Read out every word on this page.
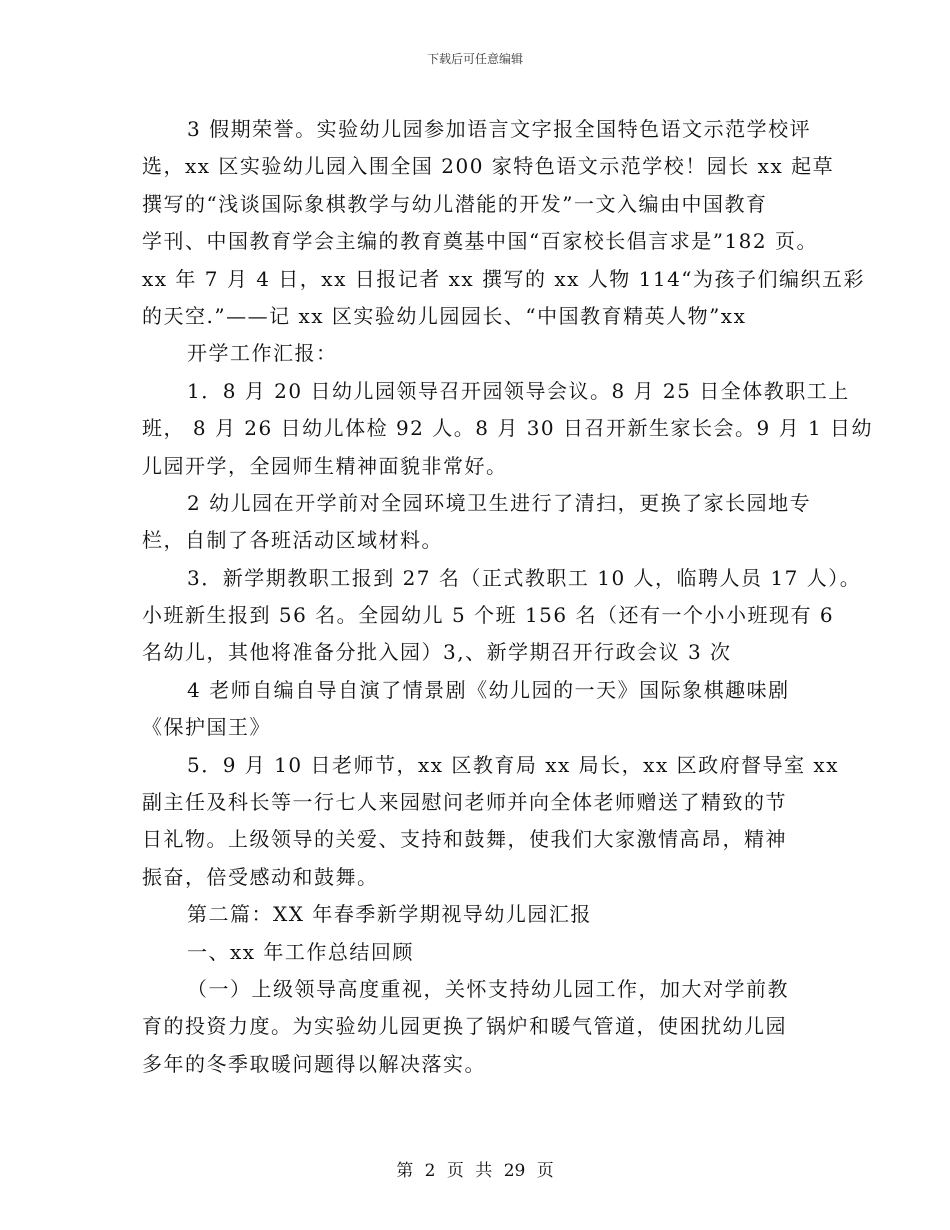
下载后可任意编辑
3 假期荣誉。实验幼儿园参加语言文字报全国特色语文示范学校评
选，xx 区实验幼儿园入围全国 200 家特色语文示范学校！园长 xx 起草
撰写的“浅谈国际象棋教学与幼儿潜能的开发”一文入编由中国教育
学刊、中国教育学会主编的教育奠基中国“百家校长倡言求是”182 页。
xx 年 7 月 4 日，xx 日报记者 xx 撰写的 xx 人物 114“为孩子们编织五彩
的天空.”——记 xx 区实验幼儿园园长、“中国教育精英人物”xx
开学工作汇报：
1．8 月 20 日幼儿园领导召开园领导会议。8 月 25 日全体教职工上
班， 8 月 26 日幼儿体检 92 人。8 月 30 日召开新生家长会。9 月 1 日幼
儿园开学，全园师生精神面貌非常好。
2 幼儿园在开学前对全园环境卫生进行了清扫，更换了家长园地专
栏，自制了各班活动区域材料。
3．新学期教职工报到 27 名（正式教职工 10 人，临聘人员 17 人）。
小班新生报到 56 名。全园幼儿 5 个班 156 名（还有一个小小班现有 6
名幼儿，其他将准备分批入园）3,、新学期召开行政会议 3 次
4 老师自编自导自演了情景剧《幼儿园的一天》国际象棋趣味剧
《保护国王》
5．9 月 10 日老师节，xx 区教育局 xx 局长，xx 区政府督导室 xx
副主任及科长等一行七人来园慰问老师并向全体老师赠送了精致的节
日礼物。上级领导的关爱、支持和鼓舞，使我们大家激情高昂，精神
振奋，倍受感动和鼓舞。
第二篇：XX 年春季新学期视导幼儿园汇报
一、xx 年工作总结回顾
（一）上级领导高度重视，关怀支持幼儿园工作，加大对学前教
育的投资力度。为实验幼儿园更换了锅炉和暖气管道，使困扰幼儿园
多年的冬季取暖问题得以解决落实。
第 2 页 共 29 页
